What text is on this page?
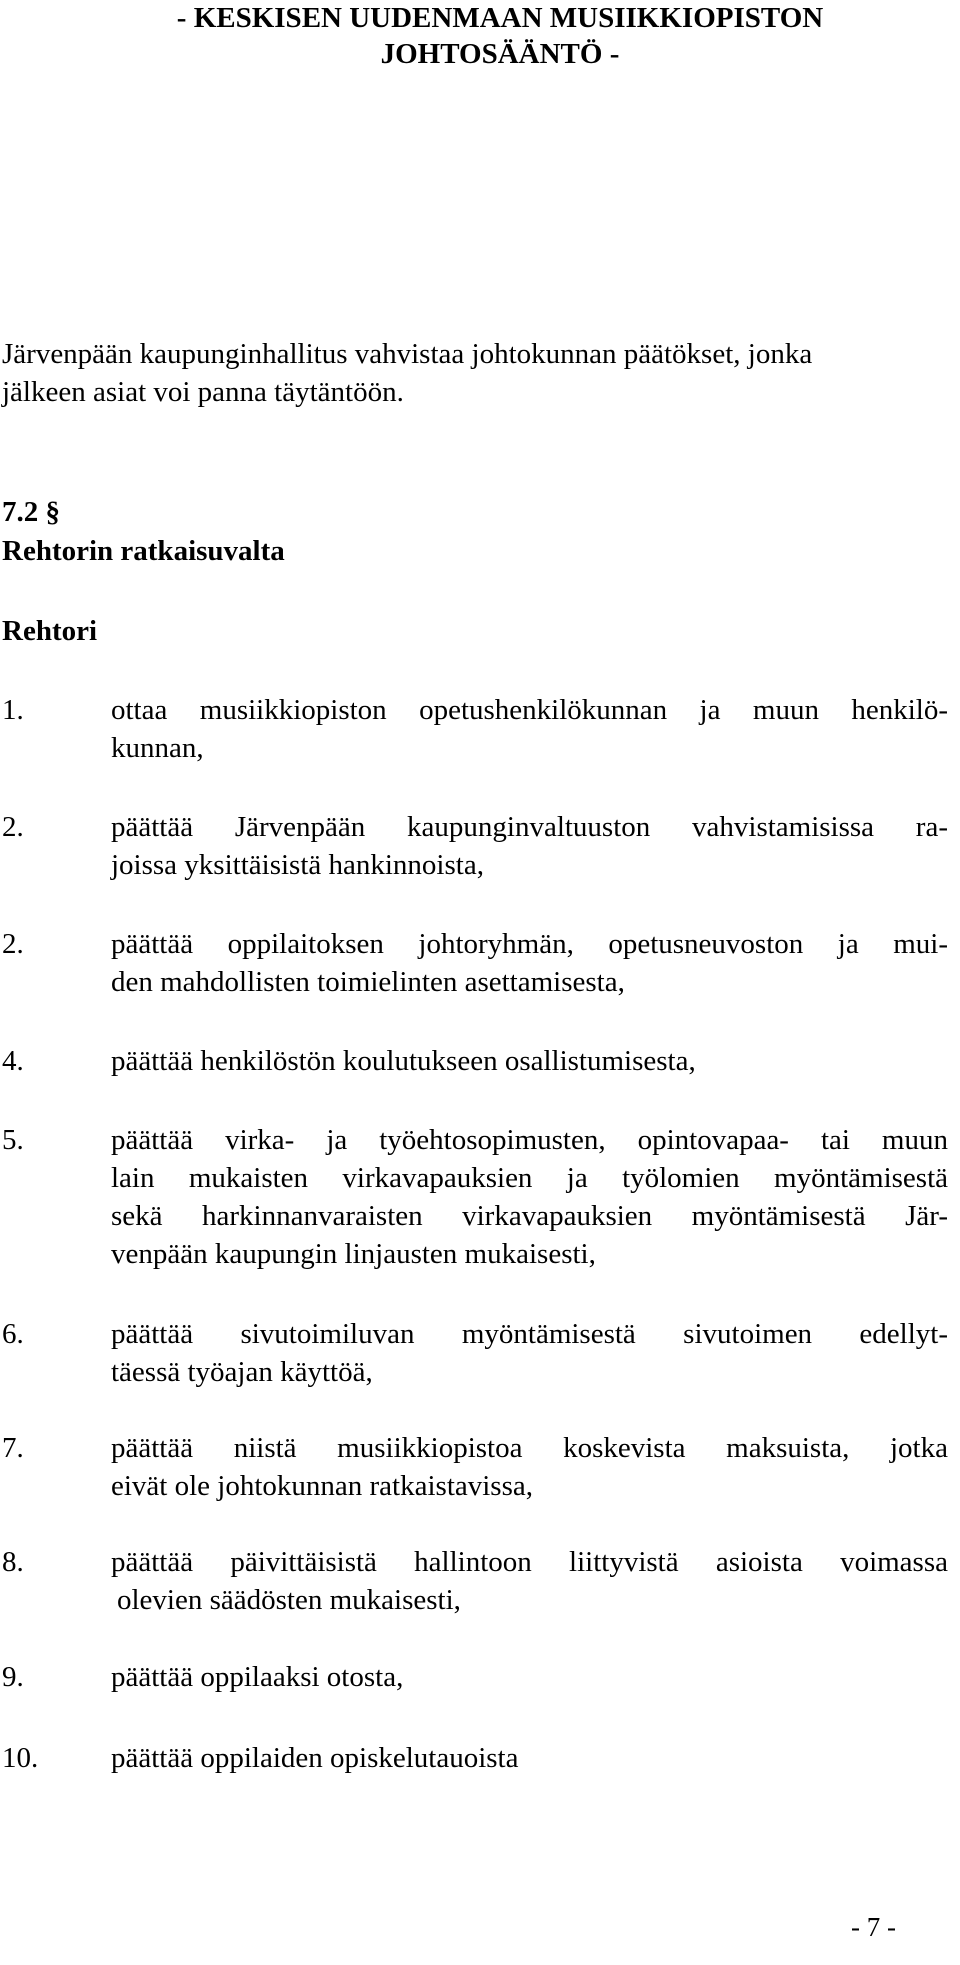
- KESKISEN UUDENMAAN MUSIIKKIOPISTON
JOHTOSÄÄNTÖ -
Järvenpään kaupunginhallitus vahvistaa johtokunnan päätökset, jonka
jälkeen asiat voi panna täytäntöön.
7.2 §
Rehtorin ratkaisuvalta
Rehtori
1.	ottaa musiikkiopiston opetushenkilökunnan ja muun henkilö-
kunnan,
2.	päättää Järvenpään kaupunginvaltuuston vahvistamisissa ra-
joissa yksittäisistä hankinnoista,
2.	päättää oppilaitoksen johtoryhmän, opetusneuvoston ja mui-
den mahdollisten toimielinten asettamisesta,
4.	päättää henkilöstön koulutukseen osallistumisesta,
5.	päättää virka- ja työehtosopimusten, opintovapaa- tai muun
lain mukaisten virkavapauksien ja työlomien myöntämisestä
sekä harkinnanvaraisten virkavapauksien myöntämisestä Jär-
venpään kaupungin linjausten mukaisesti,
6.	päättää sivutoimiluvan myöntämisestä sivutoimen edellyt-
täessä työajan käyttöä,
7.	päättää niistä musiikkiopistoa koskevista maksuista, jotka
eivät ole johtokunnan ratkaistavissa,
8.	päättää päivittäisistä hallintoon liittyvistä asioista voimassa
olevien säädösten mukaisesti,
9.	päättää oppilaaksi otosta,
10.	päättää oppilaiden opiskelutauoista
- 7 -
